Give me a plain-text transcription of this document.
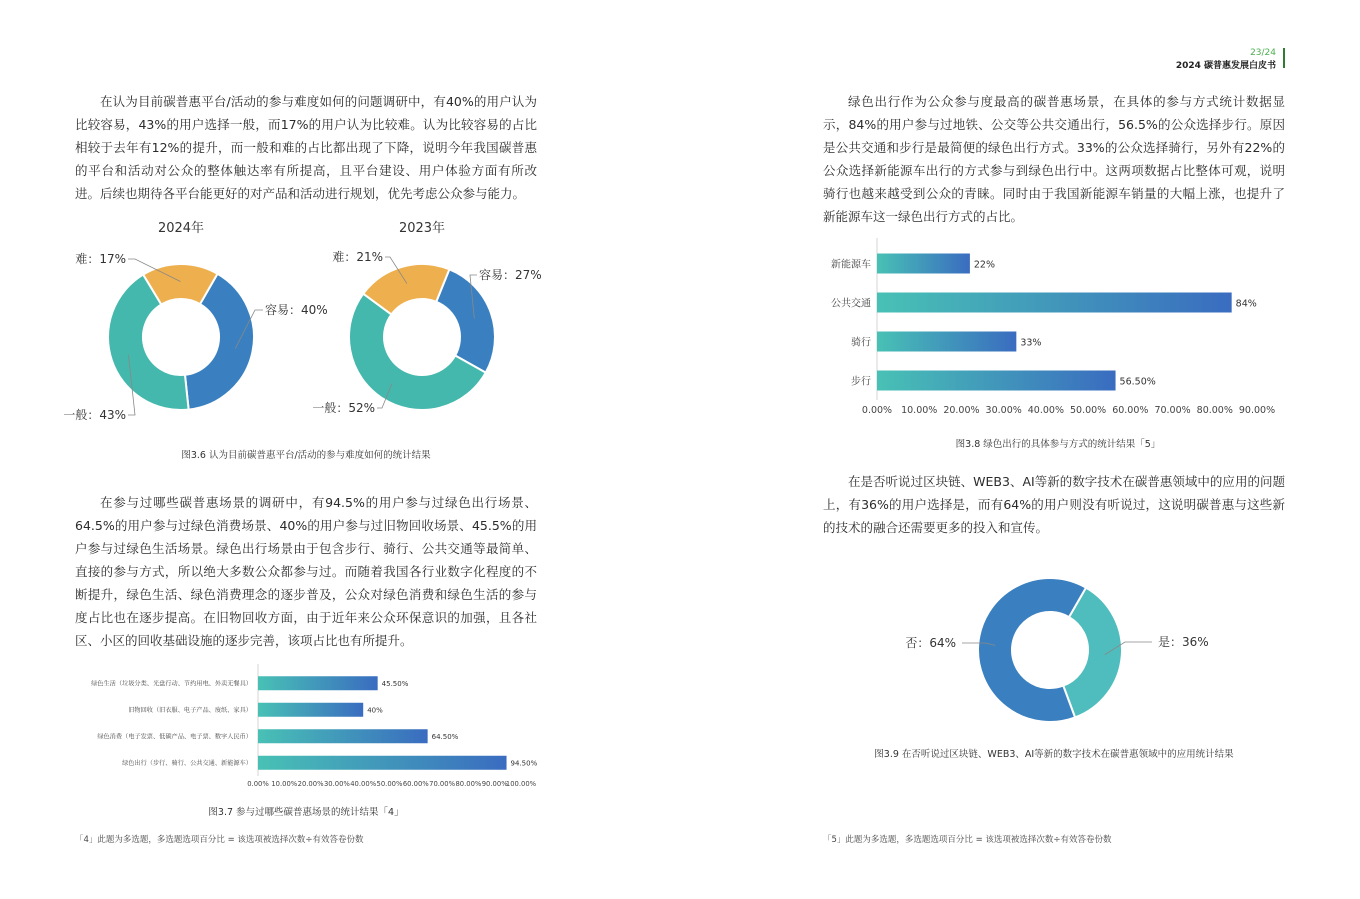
23/24
2024 碳普惠发展白皮书

在认为目前碳普惠平台/活动的参与难度如何的问题调研中，有40%的用户认为比较容易，43%的用户选择一般，而17%的用户认为比较难。认为比较容易的占比相较于去年有12%的提升，而一般和难的占比都出现了下降，说明今年我国碳普惠的平台和活动对公众的整体触达率有所提高，且平台建设、用户体验方面有所改进。后续也期待各平台能更好的对产品和活动进行规划，优先考虑公众参与能力。

2024年
容易：40%
一般：43%
难：17%
2023年
容易：27%
一般：52%
难：21%
图3.6 认为目前碳普惠平台/活动的参与难度如何的统计结果

在参与过哪些碳普惠场景的调研中，有94.5%的用户参与过绿色出行场景、64.5%的用户参与过绿色消费场景、40%的用户参与过旧物回收场景、45.5%的用户参与过绿色生活场景。绿色出行场景由于包含步行、骑行、公共交通等最简单、直接的参与方式，所以绝大多数公众都参与过。而随着我国各行业数字化程度的不断提升，绿色生活、绿色消费理念的逐步普及，公众对绿色消费和绿色生活的参与度占比也在逐步提高。在旧物回收方面，由于近年来公众环保意识的加强，且各社区、小区的回收基础设施的逐步完善，该项占比也有所提升。

绿色生活（垃圾分类、光盘行动、节约用电、外卖无餐具）	45.50%
旧物回收（旧衣服、电子产品、废纸、家具）	40%
绿色消费（电子发票、低碳产品、电子票、数字人民币）	64.50%
绿色出行（步行、骑行、公共交通、新能源车）	94.50%
0.00% 10.00% 20.00% 30.00% 40.00% 50.00% 60.00% 70.00% 80.00% 90.00%
100.00%
图3.7 参与过哪些碳普惠场景的统计结果「4」
「4」此题为多选题，多选题选项百分比 = 该选项被选择次数÷有效答卷份数

绿色出行作为公众参与度最高的碳普惠场景，在具体的参与方式统计数据显示，84%的用户参与过地铁、公交等公共交通出行，56.5%的公众选择步行。原因是公共交通和步行是最简便的绿色出行方式。33%的公众选择骑行，另外有22%的公众选择新能源车出行的方式参与到绿色出行中。这两项数据占比整体可观，说明骑行也越来越受到公众的青睐。同时由于我国新能源车销量的大幅上涨，也提升了新能源车这一绿色出行方式的占比。

新能源车	22%
公共交通	84%
骑行	33%
步行	56.50%
0.00% 10.00% 20.00% 30.00% 40.00% 50.00% 60.00% 70.00% 80.00% 90.00%
图3.8 绿色出行的具体参与方式的统计结果「5」

在是否听说过区块链、WEB3、AI等新的数字技术在碳普惠领域中的应用的问题上，有36%的用户选择是，而有64%的用户则没有听说过，这说明碳普惠与这些新的技术的融合还需要更多的投入和宣传。

是：36%
否：64%
图3.9 在否听说过区块链、WEB3、AI等新的数字技术在碳普惠领域中的应用统计结果
「5」此题为多选题，多选题选项百分比 = 该选项被选择次数÷有效答卷份数
